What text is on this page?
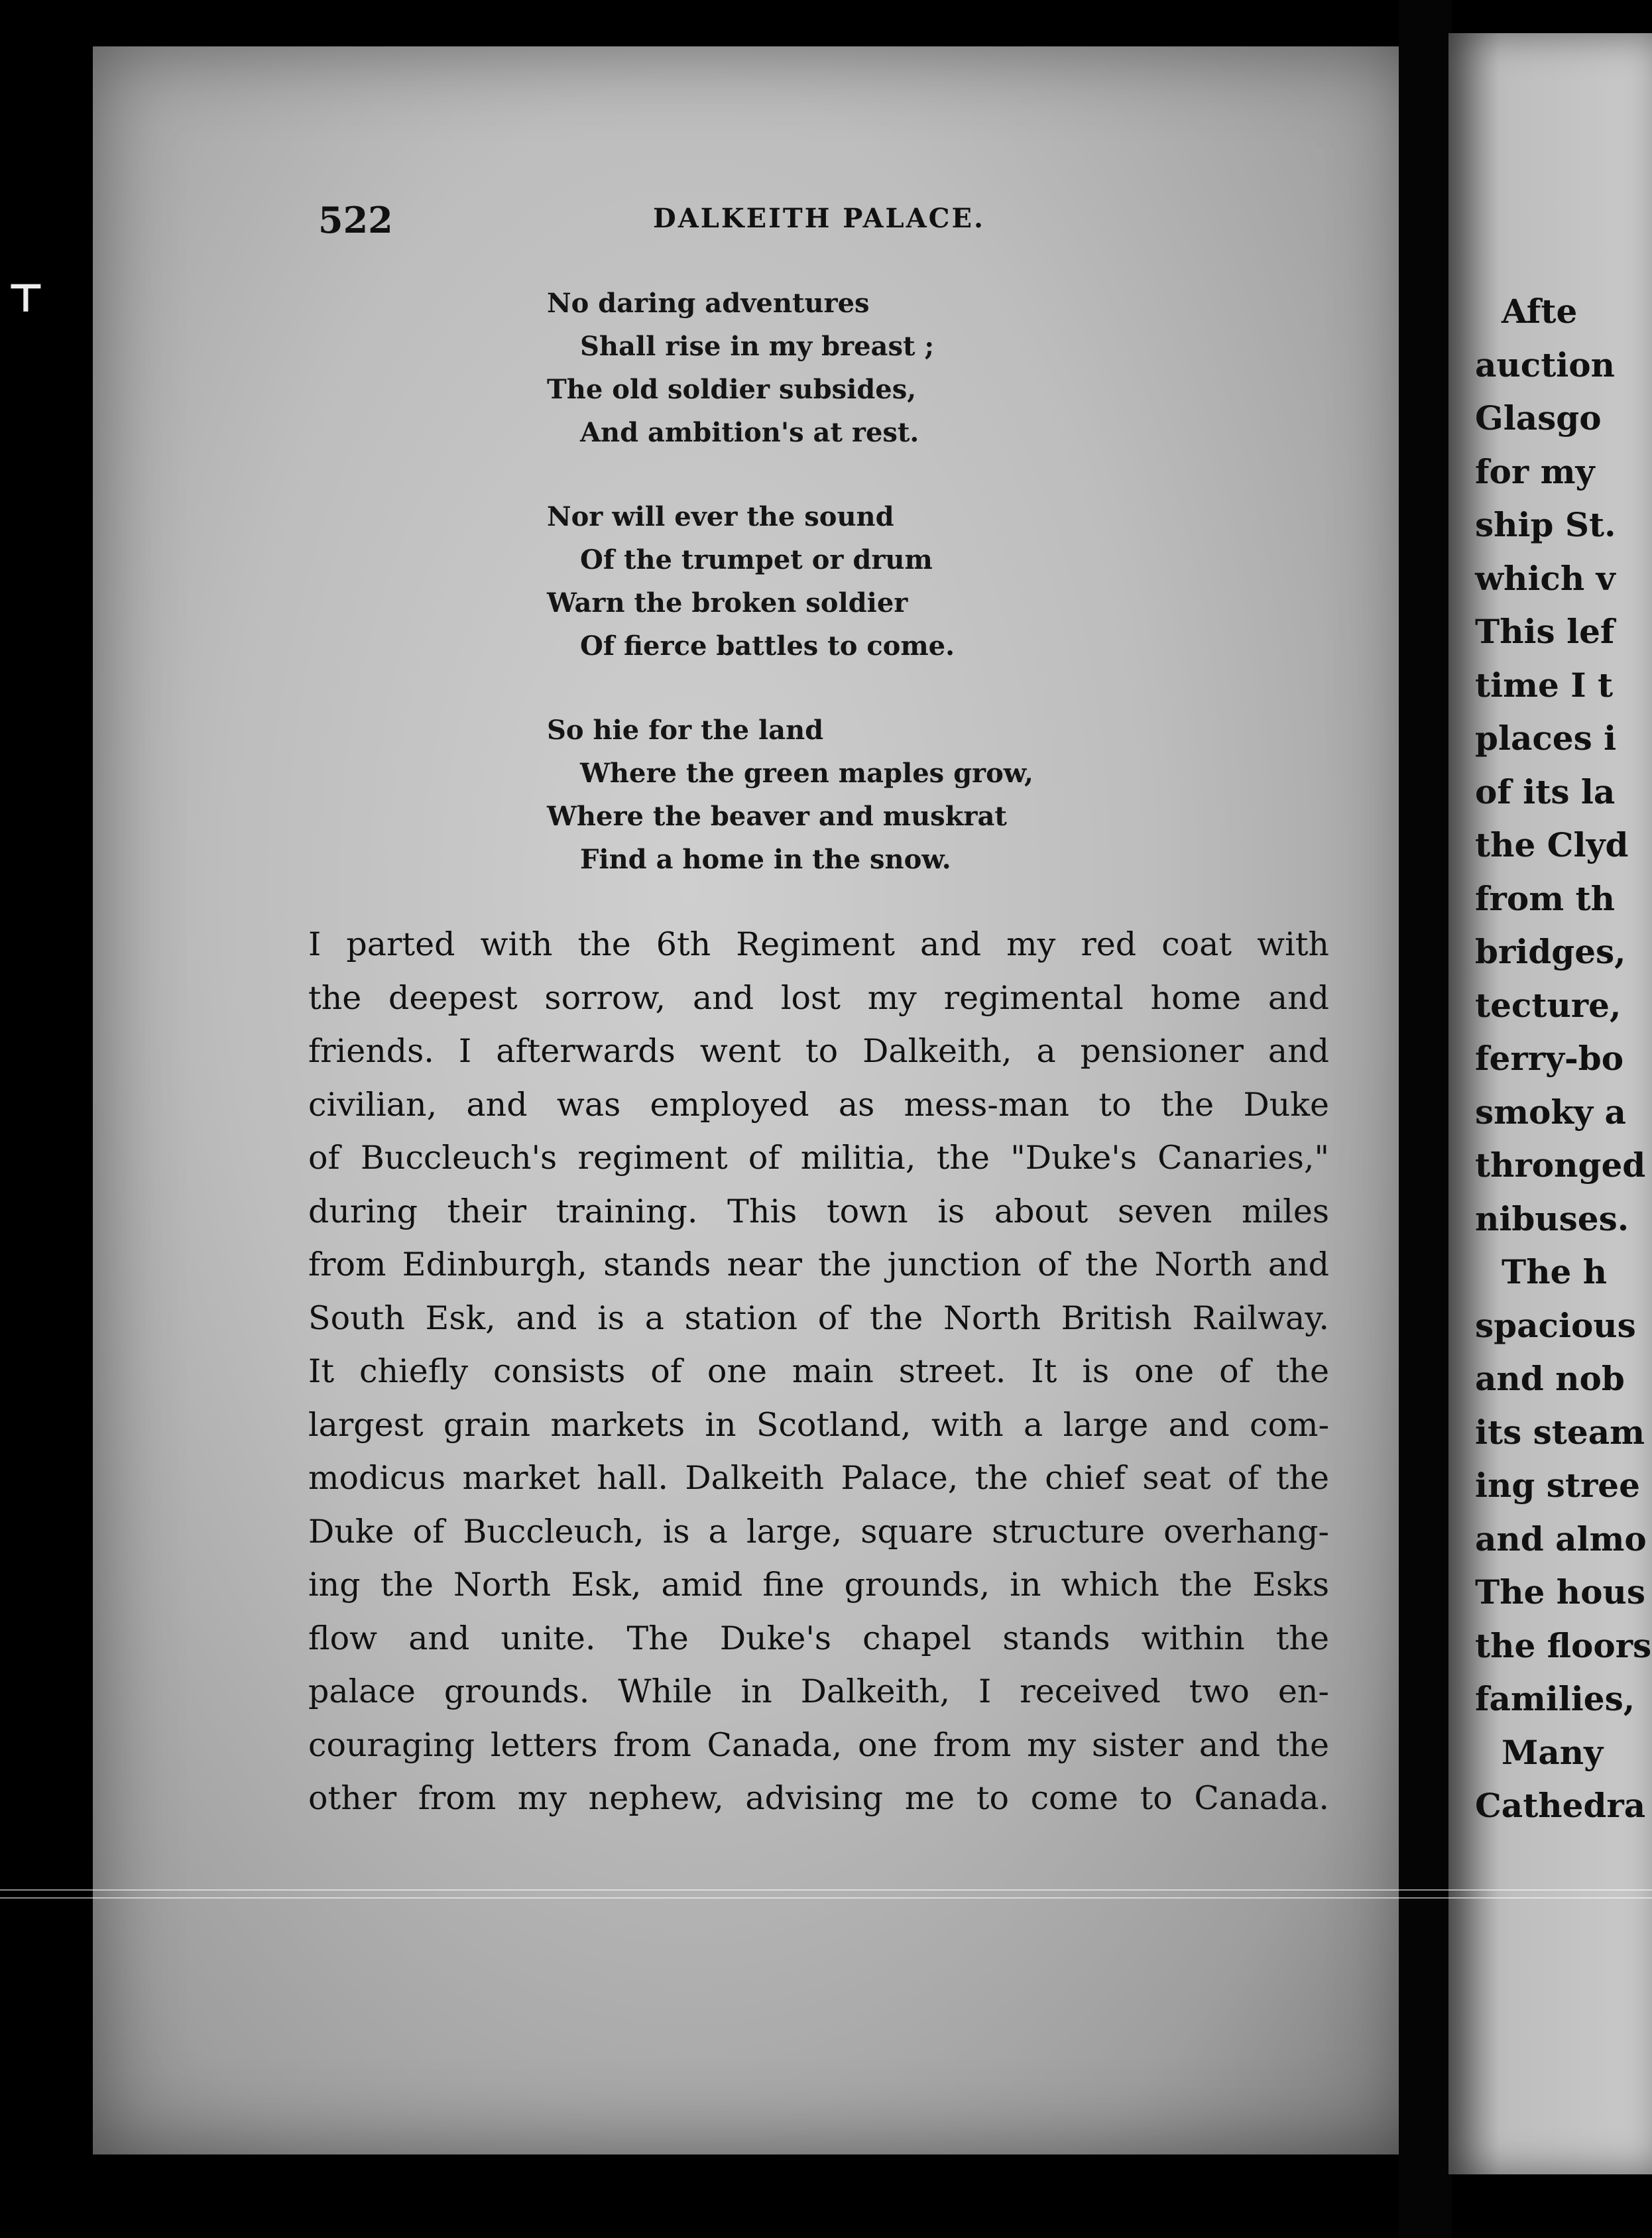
⊤
522	DALKEITH PALACE.
No daring adventures
Shall rise in my breast ;
The old soldier subsides,
And ambition's at rest.
Nor will ever the sound
Of the trumpet or drum
Warn the broken soldier
Of fierce battles to come.
So hie for the land
Where the green maples grow,
Where the beaver and muskrat
Find a home in the snow.
I parted with the 6th Regiment and my red coat with
the deepest sorrow, and lost my regimental home and
friends. I afterwards went to Dalkeith, a pensioner and
civilian, and was employed as mess-man to the Duke
of Buccleuch's regiment of militia, the "Duke's Canaries,"
during their training. This town is about seven miles
from Edinburgh, stands near the junction of the North and
South Esk, and is a station of the North British Railway.
It chiefly consists of one main street. It is one of the
largest grain markets in Scotland, with a large and com-
modicus market hall. Dalkeith Palace, the chief seat of the
Duke of Buccleuch, is a large, square structure overhang-
ing the North Esk, amid fine grounds, in which the Esks
flow and unite. The Duke's chapel stands within the
palace grounds. While in Dalkeith, I received two en-
couraging letters from Canada, one from my sister and the
other from my nephew, advising me to come to Canada.
Afte
auction
Glasgo
for my
ship St.
which v
This lef
time I t
places i
of its la
the Clyd
from th
bridges,
tecture,
ferry-bo
smoky a
thronged
nibuses.
The h
spacious
and nob
its steam
ing stree
and almo
The hous
the floors
families,
Many
Cathedra
